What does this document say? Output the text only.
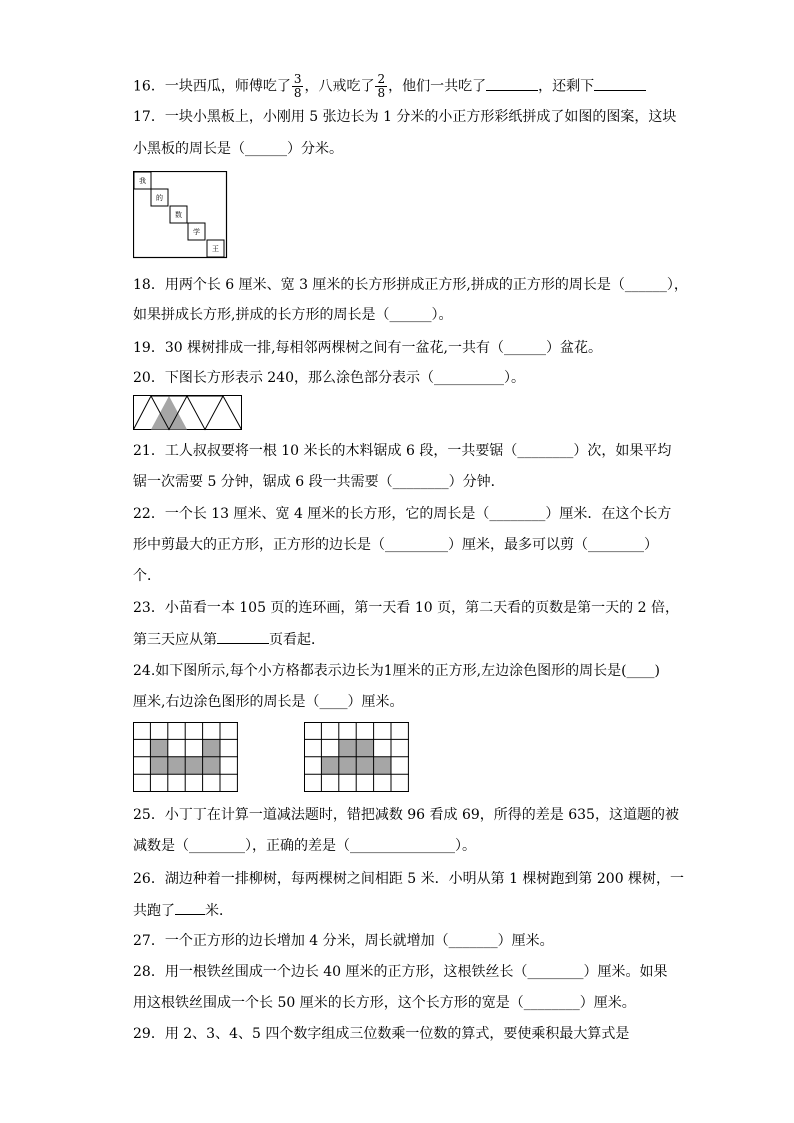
16．一块西瓜，师傅吃了 $\frac{3}{8}$ ，八戒吃了 $\frac{2}{8}$ ，他们一共吃了	，还剩下
17．一块小黑板上，小刚用 5 张边长为 1 分米的小正方形彩纸拼成了如图的图案，这块
小黑板的周长是（______）分米。
我
的
数
学
王
18．用两个长 6 厘米、宽 3 厘米的长方形拼成正方形,拼成的正方形的周长是（______），
如果拼成长方形,拼成的长方形的周长是（______）。
19．30 棵树排成一排,每相邻两棵树之间有一盆花,一共有（______）盆花。
20．下图长方形表示 240，那么涂色部分表示（__________）。
21．工人叔叔要将一根 10 米长的木料锯成 6 段，一共要锯（________）次，如果平均
锯一次需要 5 分钟，锯成 6 段一共需要（________）分钟．
22．一个长 13 厘米、宽 4 厘米的长方形，它的周长是（________）厘米．在这个长方
形中剪最大的正方形，正方形的边长是（_________）厘米，最多可以剪（________）
个．
23．小苗看一本 105 页的连环画，第一天看 10 页，第二天看的页数是第一天的 2 倍，
第三天应从第	页看起．
24.如下图所示,每个小方格都表示边长为1厘米的正方形,左边涂色图形的周长是(____)
厘米,右边涂色图形的周长是（____）厘米。
25．小丁丁在计算一道减法题时，错把减数 96 看成 69，所得的差是 635，这道题的被
减数是（________），正确的差是（_______________）。
26．湖边种着一排柳树，每两棵树之间相距 5 米．小明从第 1 棵树跑到第 200 棵树，一
共跑了 米．
27．一个正方形的边长增加 4 分米，周长就增加（_______）厘米。
28．用一根铁丝围成一个边长 40 厘米的正方形，这根铁丝长（________）厘米。如果
用这根铁丝围成一个长 50 厘米的长方形，这个长方形的宽是（________）厘米。
29．用 2、3、4、5 四个数字组成三位数乘一位数的算式，要使乘积最大算式是
